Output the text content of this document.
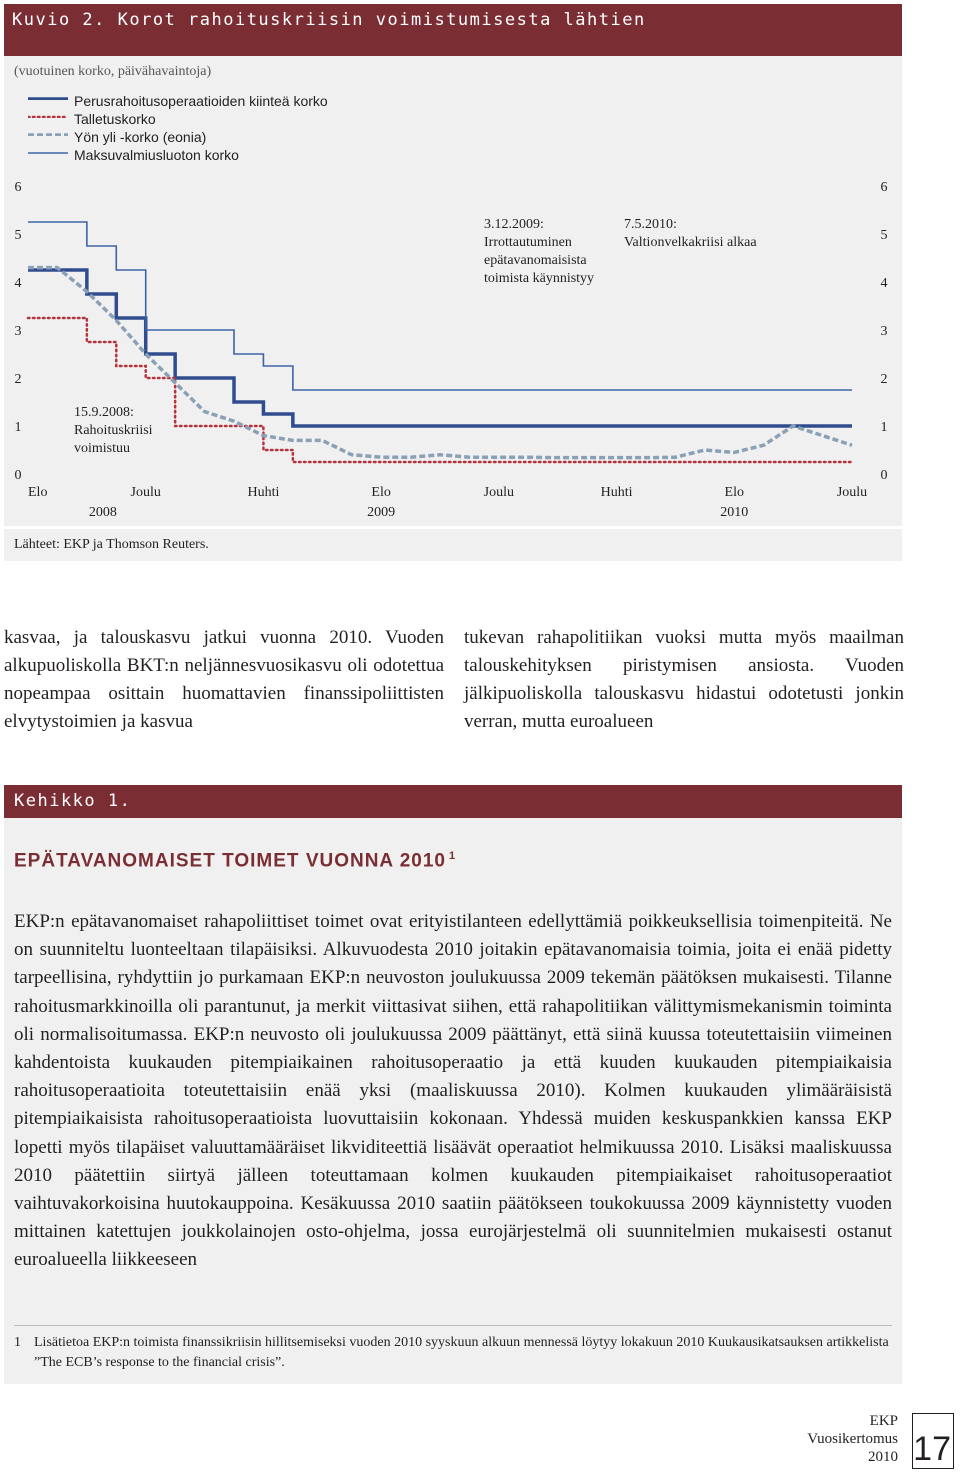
Kuvio 2. Korot rahoituskriisin voimistumisesta lähtien
(vuotuinen korko, päivähavaintoja)
Perusrahoitusoperaatioiden kiinteä korko
Talletuskorko
Yön yli -korko (eonia)
Maksuvalmiusluoton korko
0	0
1	1
2	2
3	3
4	4
5	5
6	6
Elo	Joulu	Huhti	Elo	Joulu	Huhti	Elo	Joulu
2008	2009	2010
15.9.2008:
Rahoituskriisi
voimistuu
3.12.2009:
Irrottautuminen
epätavanomaisista
toimista käynnistyy
7.5.2010:
Valtionvelkakriisi alkaa
Lähteet: EKP ja Thomson Reuters.
kasvaa, ja talouskasvu jatkui vuonna 2010. Vuoden alkupuoliskolla BKT:n neljännesvuosikasvu oli odotettua nopeampaa osittain huomattavien finanssipoliittisten elvytystoimien ja kasvua
tukevan rahapolitiikan vuoksi mutta myös maailman talouskehityksen piristymisen ansiosta. Vuoden jälkipuoliskolla talouskasvu hidastui odotetusti jonkin verran, mutta euroalueen
Kehikko 1.
EPÄTAVANOMAISET TOIMET VUONNA 2010 $^1$
EKP:n epätavanomaiset rahapoliittiset toimet ovat erityistilanteen edellyttämiä poikkeuksellisia toimenpiteitä. Ne on suunniteltu luonteeltaan tilapäisiksi. Alkuvuodesta 2010 joitakin epätavanomaisia toimia, joita ei enää pidetty tarpeellisina, ryhdyttiin jo purkamaan EKP:n neuvoston joulukuussa 2009 tekemän päätöksen mukaisesti. Tilanne rahoitusmarkkinoilla oli parantunut, ja merkit viittasivat siihen, että rahapolitiikan välittymismekanismin toiminta oli normalisoitumassa. EKP:n neuvosto oli joulukuussa 2009 päättänyt, että siinä kuussa toteutettaisiin viimeinen kahdentoista kuukauden pitempiaikainen rahoitusoperaatio ja että kuuden kuukauden pitempiaikaisia rahoitusoperaatioita toteutettaisiin enää yksi (maaliskuussa 2010). Kolmen kuukauden ylimääräisistä pitempiaikaisista rahoitusoperaatioista luovuttaisiin kokonaan. Yhdessä muiden keskuspankkien kanssa EKP lopetti myös tilapäiset valuuttamääräiset likviditeettiä lisäävät operaatiot helmikuussa 2010. Lisäksi maaliskuussa 2010 päätettiin siirtyä jälleen toteuttamaan kolmen kuukauden pitempiaikaiset rahoitusoperaatiot vaihtuvakorkoisina huutokauppoina. Kesäkuussa 2010 saatiin päätökseen toukokuussa 2009 käynnistetty vuoden mittainen katettujen joukkolainojen osto-ohjelma, jossa eurojärjestelmä oli suunnitelmien mukaisesti ostanut euroalueella liikkeeseen
1 Lisätietoa EKP:n toimista finanssikriisin hillitsemiseksi vuoden 2010 syyskuun alkuun mennessä löytyy lokakuun 2010 Kuukausikatsauksen artikkelista ”The ECB’s response to the financial crisis”.
EKP
Vuosikertomus
2010 17
